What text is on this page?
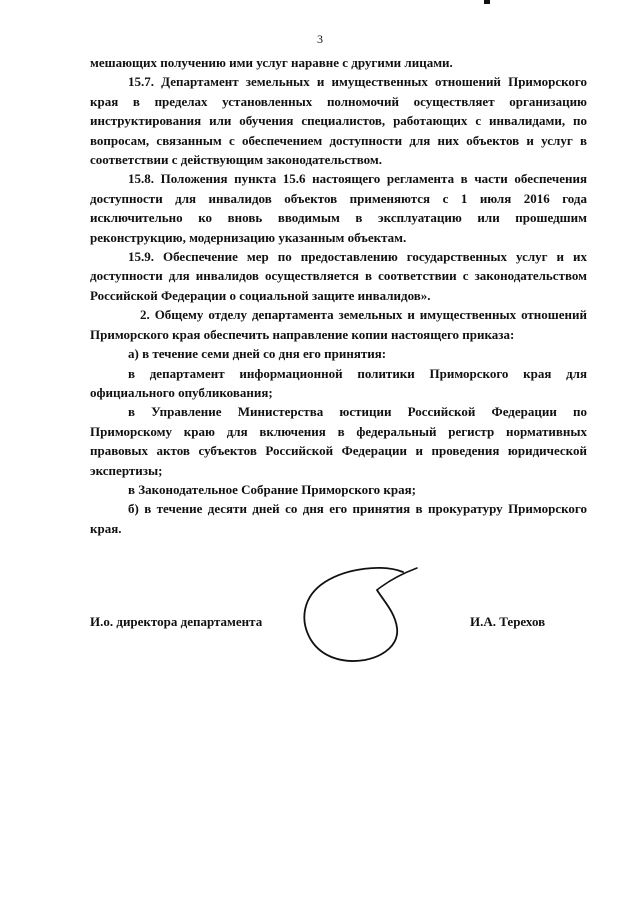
3

мешающих получению ими услуг наравне с другими лицами.

15.7. Департамент земельных и имущественных отношений Приморского края в пределах установленных полномочий осуществляет организацию инструктирования или обучения специалистов, работающих с инвалидами, по вопросам, связанным с обеспечением доступности для них объектов и услуг в соответствии с действующим законодательством.

15.8. Положения пункта 15.6 настоящего регламента в части обеспечения доступности для инвалидов объектов применяются с 1 июля 2016 года исключительно ко вновь вводимым в эксплуатацию или прошедшим реконструкцию, модернизацию указанным объектам.

15.9. Обеспечение мер по предоставлению государственных услуг и их доступности для инвалидов осуществляется в соответствии с законодательством Российской Федерации о социальной защите инвалидов».

2. Общему отделу департамента земельных и имущественных отношений Приморского края обеспечить направление копии настоящего приказа:

а) в течение семи дней со дня его принятия:

в департамент информационной политики Приморского края для официального опубликования;

в Управление Министерства юстиции Российской Федерации по Приморскому краю для включения в федеральный регистр нормативных правовых актов субъектов Российской Федерации и проведения юридической экспертизы;

в Законодательное Собрание Приморского края;

б) в течение десяти дней со дня его принятия в прокуратуру Приморского края.

И.о. директора департамента	И.А. Терехов
